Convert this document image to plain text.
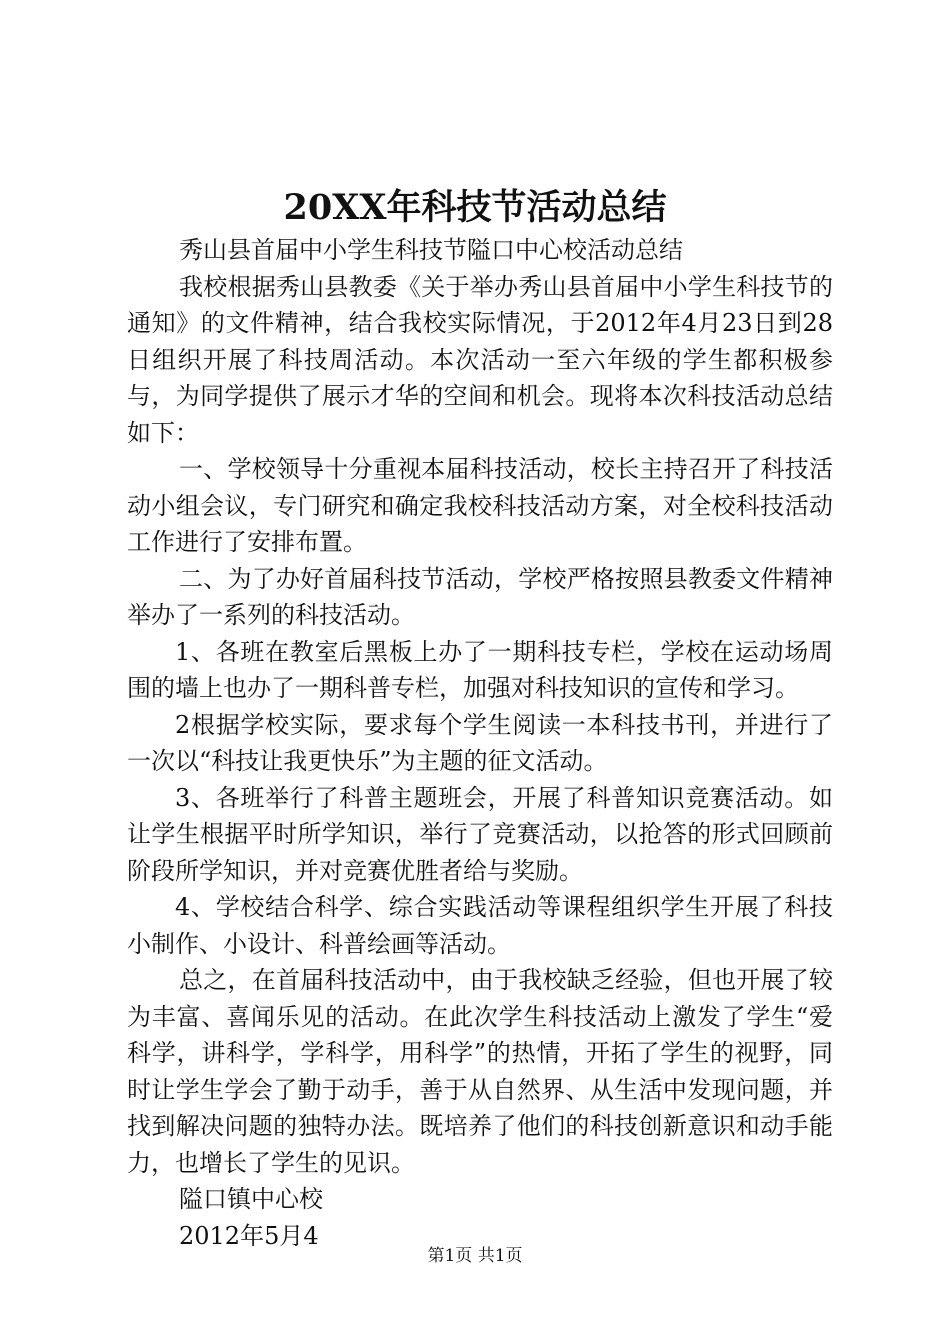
20XX年科技节活动总结

秀山县首届中小学生科技节隘口中心校活动总结

我校根据秀山县教委《关于举办秀山县首届中小学生科技节的通知》的文件精神，结合我校实际情况，于2012年4月23日到28日组织开展了科技周活动。本次活动一至六年级的学生都积极参与，为同学提供了展示才华的空间和机会。现将本次科技活动总结如下：

一、学校领导十分重视本届科技活动，校长主持召开了科技活动小组会议，专门研究和确定我校科技活动方案，对全校科技活动工作进行了安排布置。

二、为了办好首届科技节活动，学校严格按照县教委文件精神举办了一系列的科技活动。

1、各班在教室后黑板上办了一期科技专栏，学校在运动场周围的墙上也办了一期科普专栏，加强对科技知识的宣传和学习。

2根据学校实际，要求每个学生阅读一本科技书刊，并进行了一次以“科技让我更快乐”为主题的征文活动。

3、各班举行了科普主题班会，开展了科普知识竞赛活动。如让学生根据平时所学知识，举行了竞赛活动，以抢答的形式回顾前阶段所学知识，并对竞赛优胜者给与奖励。

4、学校结合科学、综合实践活动等课程组织学生开展了科技小制作、小设计、科普绘画等活动。

总之，在首届科技活动中，由于我校缺乏经验，但也开展了较为丰富、喜闻乐见的活动。在此次学生科技活动上激发了学生“爱科学，讲科学，学科学，用科学”的热情，开拓了学生的视野，同时让学生学会了勤于动手，善于从自然界、从生活中发现问题，并找到解决问题的独特办法。既培养了他们的科技创新意识和动手能力，也增长了学生的见识。

隘口镇中心校

2012年5月4

第1页 共1页
